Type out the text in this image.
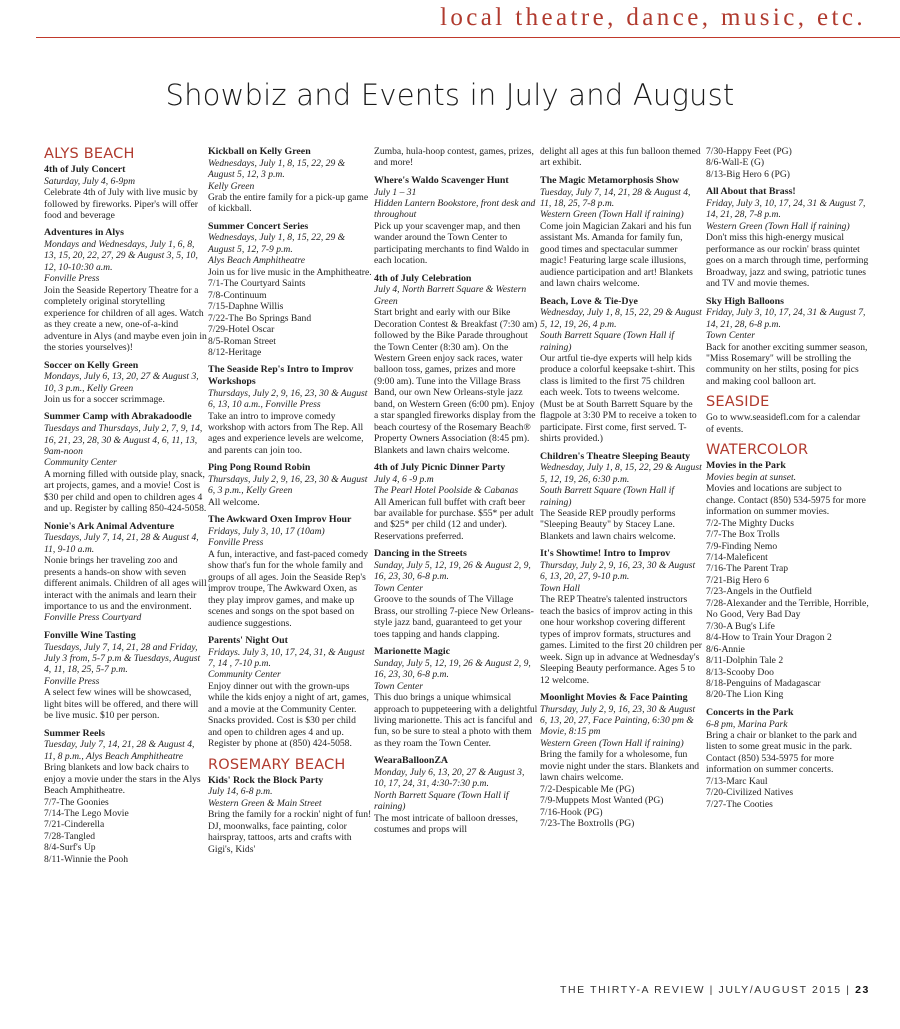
local theatre, dance, music, etc.
Showbiz and Events in July and August
ALYS BEACH
4th of July Concert

Saturday, July 4, 6-9pm

Celebrate 4th of July with live music by followed by fireworks. Piper's will offer food and beverage

Adventures in Alys

Mondays and Wednesdays, July 1, 6, 8, 13, 15, 20, 22, 27, 29 & August 3, 5, 10, 12, 10-10:30 a.m.

Fonville Press

Join the Seaside Repertory Theatre for a completely original storytelling experience for children of all ages. Watch as they create a new, one-of-a-kind adventure in Alys (and maybe even join in the stories yourselves)!

Soccer on Kelly Green

Mondays, July 6, 13, 20, 27 & August 3, 10, 3 p.m., Kelly Green

Join us for a soccer scrimmage.

Summer Camp with Abrakadoodle

Tuesdays and Thursdays, July 2, 7, 9, 14, 16, 21, 23, 28, 30 & August 4, 6, 11, 13, 9am-noon

Community Center

A morning filled with outside play, snack, art projects, games, and a movie! Cost is $30 per child and open to children ages 4 and up. Register by calling 850-424-5058.

Nonie's Ark Animal Adventure

Tuesdays, July 7, 14, 21, 28 & August 4, 11, 9-10 a.m.

Nonie brings her traveling zoo and presents a hands-on show with seven different animals. Children of all ages will interact with the animals and learn their importance to us and the environment.

Fonville Press Courtyard

Fonville Wine Tasting

Tuesdays, July 7, 14, 21, 28 and Friday, July 3 from, 5-7 p.m & Tuesdays, August 4, 11, 18, 25, 5-7 p.m.

Fonville Press

A select few wines will be showcased, light bites will be offered, and there will be live music. $10 per person.

Summer Reels

Tuesday, July 7, 14, 21, 28 & August 4, 11, 8 p.m., Alys Beach Amphitheatre

Bring blankets and low back chairs to enjoy a movie under the stars in the Alys Beach Amphitheatre.

7/7-The Goonies

7/14-The Lego Movie

7/21-Cinderella

7/28-Tangled

8/4-Surf's Up

8/11-Winnie the Pooh

Kickball on Kelly Green

Wednesdays, July 1, 8, 15, 22, 29 & August 5, 12, 3 p.m.

Kelly Green

Grab the entire family for a pick-up game of kickball.

Summer Concert Series

Wednesdays, July 1, 8, 15, 22, 29 & August 5, 12, 7-9 p.m.

Alys Beach Amphitheatre

Join us for live music in the Amphitheatre.

7/1-The Courtyard Saints

7/8-Continuum

7/15-Daphne Willis

7/22-The Bo Springs Band

7/29-Hotel Oscar

8/5-Roman Street

8/12-Heritage

The Seaside Rep's Intro to Improv Workshops

Thursdays, July 2, 9, 16, 23, 30 & August 6, 13, 10 a.m., Fonville Press

Take an intro to improve comedy workshop with actors from The Rep. All ages and experience levels are welcome, and parents can join too.

Ping Pong Round Robin

Thursdays, July 2, 9, 16, 23, 30 & August 6, 3 p.m., Kelly Green

All welcome.

The Awkward Oxen Improv Hour

Fridays, July 3, 10, 17 (10am)

Fonville Press

A fun, interactive, and fast-paced comedy show that's fun for the whole family and groups of all ages. Join the Seaside Rep's improv troupe, The Awkward Oxen, as they play improv games, and make up scenes and songs on the spot based on audience suggestions.

Parents' Night Out

Fridays. July 3, 10, 17, 24, 31, & August 7, 14 , 7-10 p.m.

Community Center

Enjoy dinner out with the grown-ups while the kids enjoy a night of art, games, and a movie at the Community Center. Snacks provided. Cost is $30 per child and open to children ages 4 and up. Register by phone at (850) 424-5058.

ROSEMARY BEACH
Kids' Rock the Block Party

July 14, 6-8 p.m.

Western Green & Main Street

Bring the family for a rockin' night of fun! DJ, moonwalks, face painting, color hairspray, tattoos, arts and crafts with Gigi's, Kids'

Zumba, hula-hoop contest, games, prizes, and more!

Where's Waldo Scavenger Hunt

July 1 – 31

Hidden Lantern Bookstore, front desk and throughout

Pick up your scavenger map, and then wander around the Town Center to participating merchants to find Waldo in each location.

4th of July Celebration

July 4, North Barrett Square & Western Green

Start bright and early with our Bike Decoration Contest & Breakfast (7:30 am) followed by the Bike Parade throughout the Town Center (8:30 am). On the Western Green enjoy sack races, water balloon toss, games, prizes and more (9:00 am). Tune into the Village Brass Band, our own New Orleans-style jazz band, on Western Green (6:00 pm). Enjoy a star spangled fireworks display from the beach courtesy of the Rosemary Beach® Property Owners Association (8:45 pm). Blankets and lawn chairs welcome.

4th of July Picnic Dinner Party

July 4, 6 -9 p.m

The Pearl Hotel Poolside & Cabanas

All American full buffet with craft beer bar available for purchase. $55* per adult and $25* per child (12 and under). Reservations preferred.

Dancing in the Streets

Sunday, July 5, 12, 19, 26 & August 2, 9, 16, 23, 30, 6-8 p.m.

Town Center

Groove to the sounds of The Village Brass, our strolling 7-piece New Orleans-style jazz band, guaranteed to get your toes tapping and hands clapping.

Marionette Magic

Sunday, July 5, 12, 19, 26 & August 2, 9, 16, 23, 30, 6-8 p.m.

Town Center

This duo brings a unique whimsical approach to puppeteering with a delightful living marionette. This act is fanciful and fun, so be sure to steal a photo with them as they roam the Town Center.

WearaBalloonZA

Monday, July 6, 13, 20, 27 & August 3, 10, 17, 24, 31, 4:30-7:30 p.m.

North Barrett Square (Town Hall if raining)

The most intricate of balloon dresses, costumes and props will

delight all ages at this fun balloon themed art exhibit.

The Magic Metamorphosis Show

Tuesday, July 7, 14, 21, 28 & August 4, 11, 18, 25, 7-8 p.m.

Western Green (Town Hall if raining)

Come join Magician Zakari and his fun assistant Ms. Amanda for family fun, good times and spectacular summer magic! Featuring large scale illusions, audience participation and art! Blankets and lawn chairs welcome.

Beach, Love & Tie-Dye

Wednesday, July 1, 8, 15, 22, 29 & August 5, 12, 19, 26, 4 p.m.

South Barrett Square (Town Hall if raining)

Our artful tie-dye experts will help kids produce a colorful keepsake t-shirt. This class is limited to the first 75 children each week. Tots to tweens welcome. (Must be at South Barrett Square by the flagpole at 3:30 PM to receive a token to participate. First come, first served. T-shirts provided.)

Children's Theatre Sleeping Beauty

Wednesday, July 1, 8, 15, 22, 29 & August 5, 12, 19, 26, 6:30 p.m.

South Barrett Square (Town Hall if raining)

The Seaside REP proudly performs "Sleeping Beauty" by Stacey Lane. Blankets and lawn chairs welcome.

It's Showtime! Intro to Improv

Thursday, July 2, 9, 16, 23, 30 & August 6, 13, 20, 27, 9-10 p.m.

Town Hall

The REP Theatre's talented instructors teach the basics of improv acting in this one hour workshop covering different types of improv formats, structures and games. Limited to the first 20 children per week. Sign up in advance at Wednesday's Sleeping Beauty performance. Ages 5 to 12 welcome.

Moonlight Movies & Face Painting

Thursday, July 2, 9, 16, 23, 30 & August 6, 13, 20, 27, Face Painting, 6:30 pm & Movie, 8:15 pm

Western Green (Town Hall if raining)

Bring the family for a wholesome, fun movie night under the stars. Blankets and lawn chairs welcome.

7/2-Despicable Me (PG)

7/9-Muppets Most Wanted (PG)

7/16-Hook (PG)

7/23-The Boxtrolls (PG)

7/30-Happy Feet (PG)

8/6-Wall-E (G)

8/13-Big Hero 6 (PG)

All About that Brass!

Friday, July 3, 10, 17, 24, 31 & August 7, 14, 21, 28, 7-8 p.m.

Western Green (Town Hall if raining)

Don't miss this high-energy musical performance as our rockin' brass quintet goes on a march through time, performing Broadway, jazz and swing, patriotic tunes and TV and movie themes.

Sky High Balloons

Friday, July 3, 10, 17, 24, 31 & August 7, 14, 21, 28, 6-8 p.m.

Town Center

Back for another exciting summer season, "Miss Rosemary" will be strolling the community on her stilts, posing for pics and making cool balloon art.

SEASIDE

Go to www.seasidefl.com for a calendar of events.

WATERCOLOR
Movies in the Park

Movies begin at sunset.

Movies and locations are subject to change. Contact (850) 534-5975 for more information on summer movies.

7/2-The Mighty Ducks

7/7-The Box Trolls

7/9-Finding Nemo

7/14-Maleficent

7/16-The Parent Trap

7/21-Big Hero 6

7/23-Angels in the Outfield

7/28-Alexander and the Terrible, Horrible, No Good, Very Bad Day

7/30-A Bug's Life

8/4-How to Train Your Dragon 2

8/6-Annie

8/11-Dolphin Tale 2

8/13-Scooby Doo

8/18-Penguins of Madagascar

8/20-The Lion King

Concerts in the Park

6-8 pm, Marina Park

Bring a chair or blanket to the park and listen to some great music in the park. Contact (850) 534-5975 for more information on summer concerts.

7/13-Marc Kaul

7/20-Civilized Natives

7/27-The Cooties

THE THIRTY-A REVIEW | JULY/AUGUST 2015 | 23
